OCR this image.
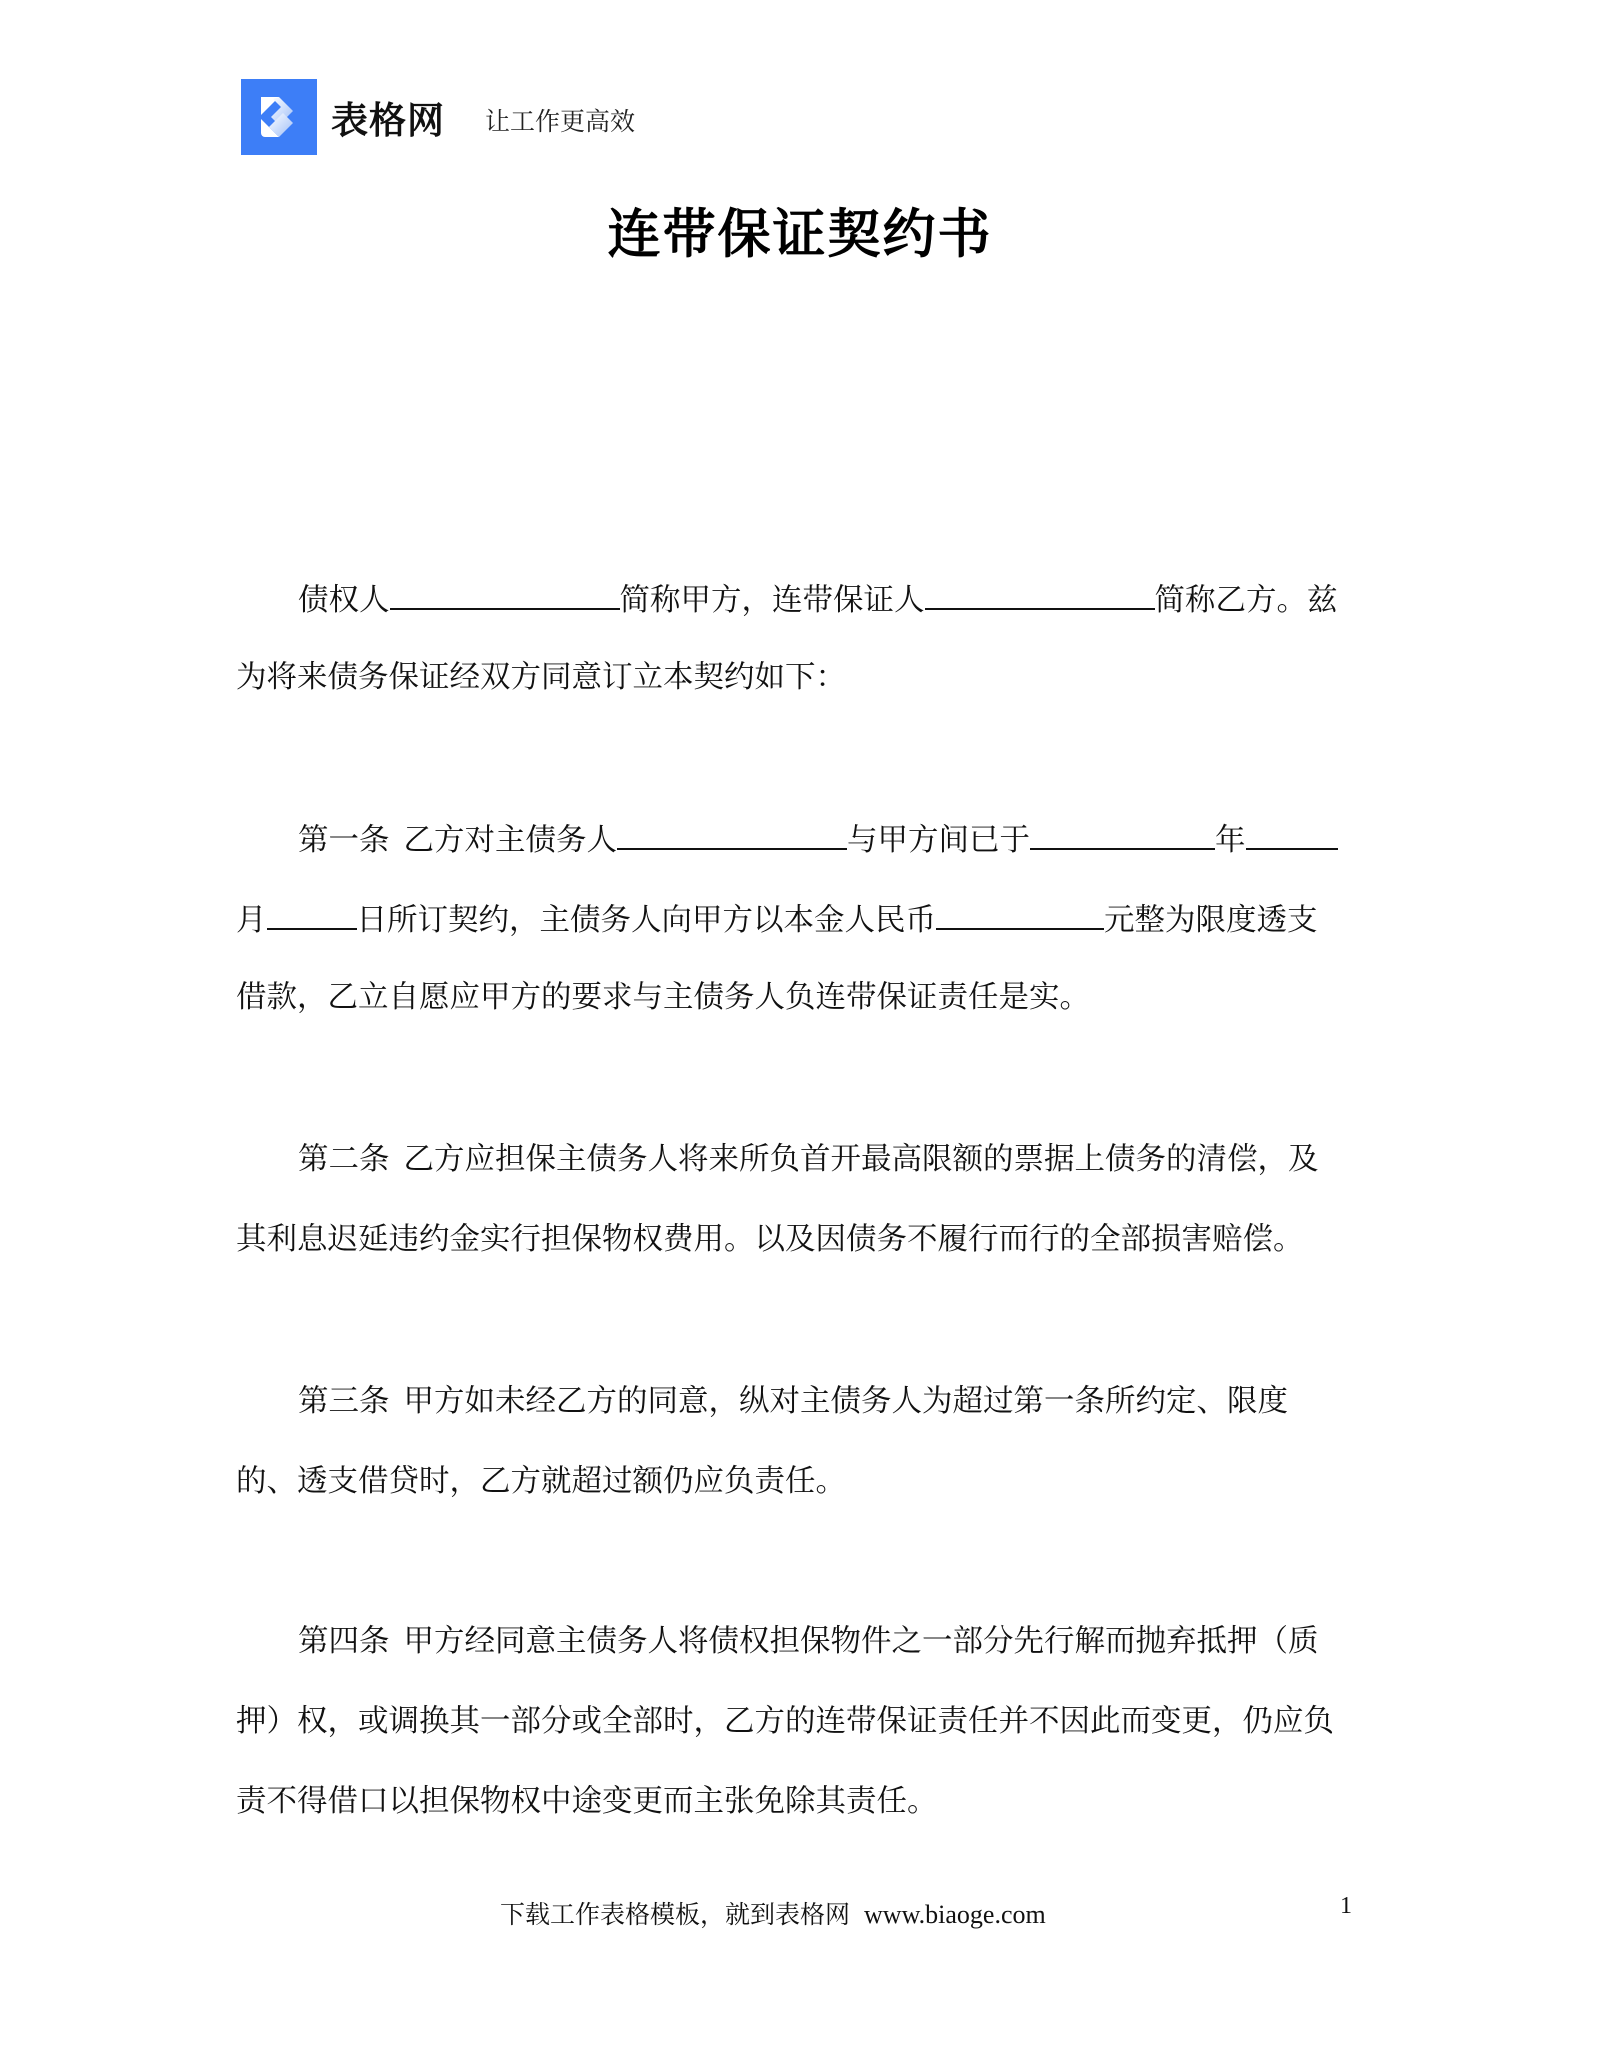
表格网 让工作更高效
连带保证契约书
债权人	简称甲方，连带保证人	简称乙方。兹
为将来债务保证经双方同意订立本契约如下：
第一条 乙方对主债务人	与甲方间已于	年
月	日所订契约，主债务人向甲方以本金人民币	元整为限度透支
借款，乙立自愿应甲方的要求与主债务人负连带保证责任是实。
第二条 乙方应担保主债务人将来所负首开最高限额的票据上债务的清偿，及
其利息迟延违约金实行担保物权费用。以及因债务不履行而行的全部损害赔偿。
第三条 甲方如未经乙方的同意，纵对主债务人为超过第一条所约定、限度
的、透支借贷时，乙方就超过额仍应负责任。
第四条 甲方经同意主债务人将债权担保物件之一部分先行解而抛弃抵押（质
押）权，或调换其一部分或全部时，乙方的连带保证责任并不因此而变更，仍应负
责不得借口以担保物权中途变更而主张免除其责任。
下载工作表格模板，就到表格网 www.biaoge.com	1
